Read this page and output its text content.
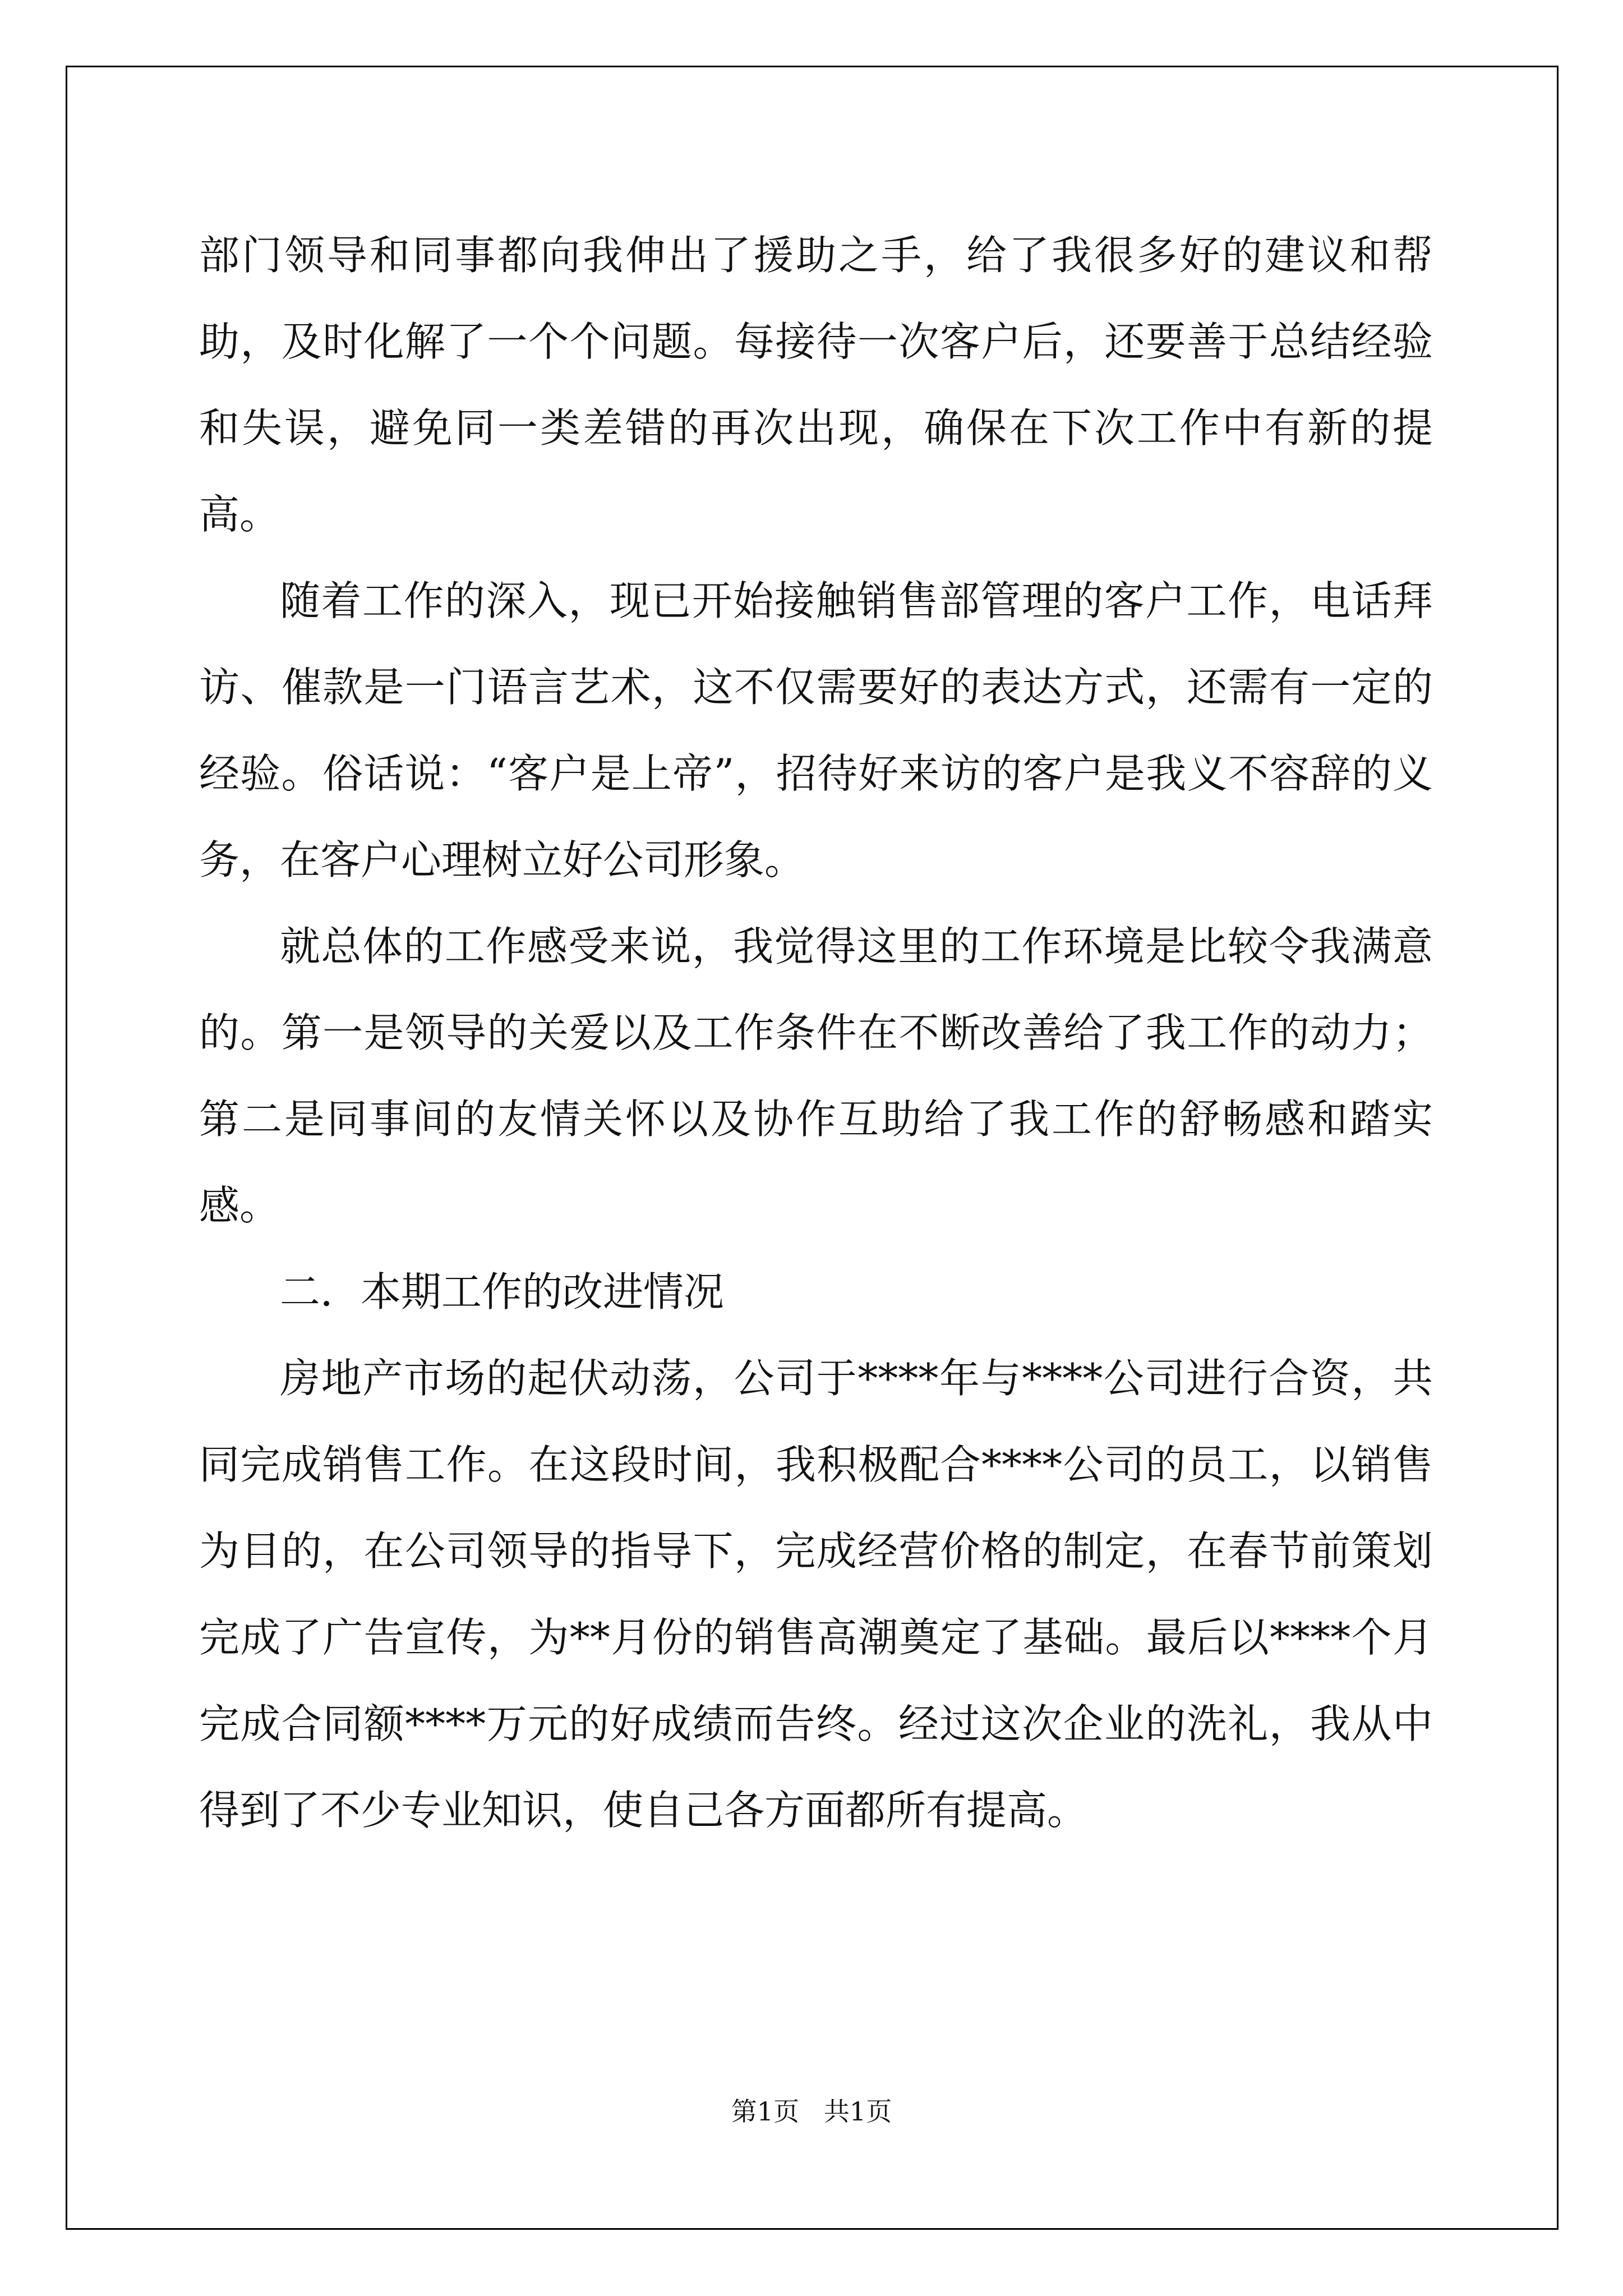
部门领导和同事都向我伸出了援助之手，给了我很多好的建议和帮助，及时化解了一个个问题。每接待一次客户后，还要善于总结经验和失误，避免同一类差错的再次出现，确保在下次工作中有新的提高。

随着工作的深入，现已开始接触销售部管理的客户工作，电话拜访、催款是一门语言艺术，这不仅需要好的表达方式，还需有一定的经验。俗话说：“客户是上帝”，招待好来访的客户是我义不容辞的义务，在客户心理树立好公司形象。

就总体的工作感受来说，我觉得这里的工作环境是比较令我满意的。第一是领导的关爱以及工作条件在不断改善给了我工作的动力；第二是同事间的友情关怀以及协作互助给了我工作的舒畅感和踏实感。

二．本期工作的改进情况

房地产市场的起伏动荡，公司于****年与****公司进行合资，共同完成销售工作。在这段时间，我积极配合****公司的员工，以销售为目的，在公司领导的指导下，完成经营价格的制定，在春节前策划完成了广告宣传，为**月份的销售高潮奠定了基础。最后以****个月完成合同额****万元的好成绩而告终。经过这次企业的洗礼，我从中得到了不少专业知识，使自己各方面都所有提高。

第1页   共1页
